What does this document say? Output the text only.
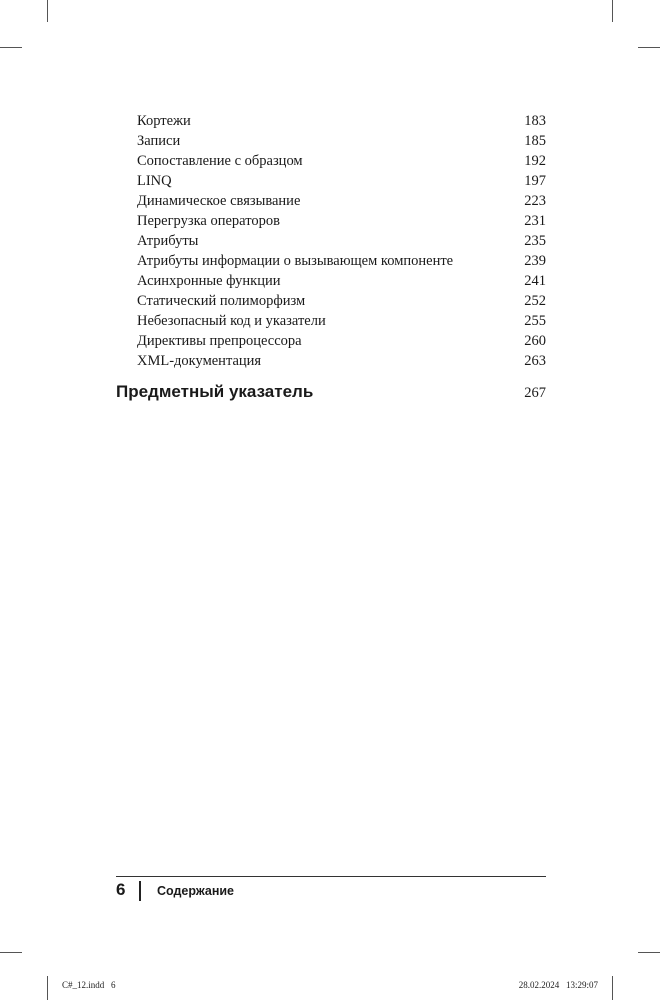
Кортежи	183
Записи	185
Сопоставление с образцом	192
LINQ	197
Динамическое связывание	223
Перегрузка операторов	231
Атрибуты	235
Атрибуты информации о вызывающем компоненте	239
Асинхронные функции	241
Статический полиморфизм	252
Небезопасный код и указатели	255
Директивы препроцессора	260
XML-документация	263
Предметный указатель	267
6	Содержание
C#_12.indd   6	28.02.2024   13:29:07
